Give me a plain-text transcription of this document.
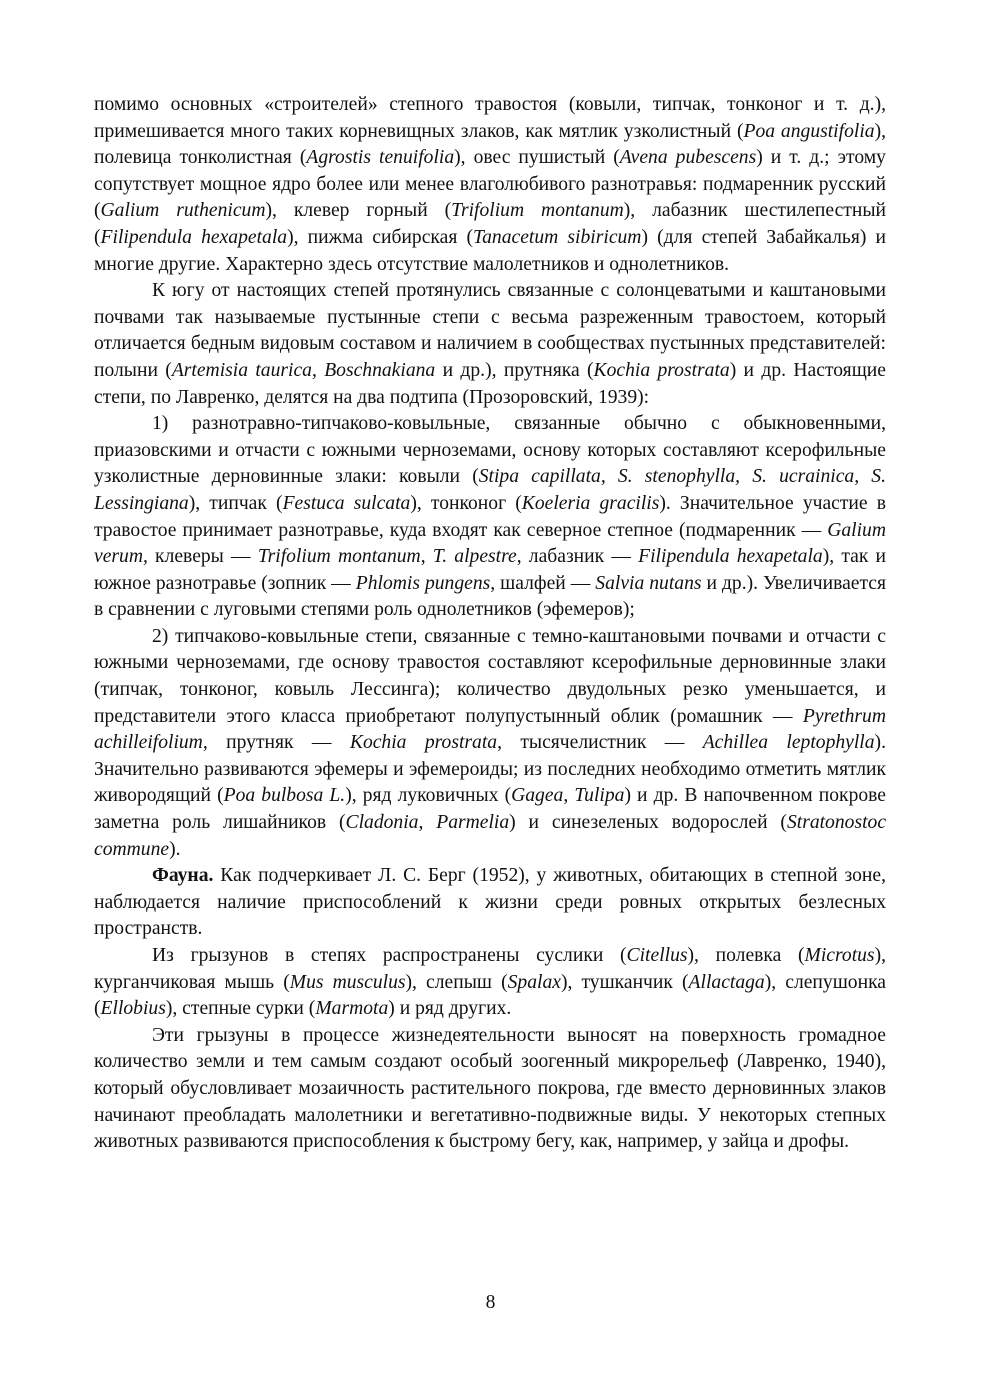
помимо основных «строителей» степного травостоя (ковыли, типчак, тонконог и т. д.), примешивается много таких корневищных злаков, как мятлик узколистный (Poa angustifolia), полевица тонколистная (Agrostis tenuifolia), овес пушистый (Avena pubescens) и т. д.; этому сопутствует мощное ядро более или менее влаголюбивого разнотравья: подмаренник русский (Galium ruthenicum), клевер горный (Trifolium montanum), лабазник шестилепестный (Filipendula hexapetala), пижма сибирская (Tanacetum sibiricum) (для степей Забайкалья) и многие другие. Характерно здесь отсутствие малолетников и однолетников.

К югу от настоящих степей протянулись связанные с солонцеватыми и каштановыми почвами так называемые пустынные степи с весьма разреженным травостоем, который отличается бедным видовым составом и наличием в сообществах пустынных представителей: полыни (Artemisia taurica, Boschnakiana и др.), прутняка (Kochia prostrata) и др. Настоящие степи, по Лавренко, делятся на два подтипа (Прозоровский, 1939):

1) разнотравно-типчаково-ковыльные, связанные обычно с обыкновенными, приазовскими и отчасти с южными черноземами, основу которых составляют ксерофильные узколистные дерновинные злаки: ковыли (Stipa capillata, S. stenophylla, S. ucrainica, S. Lessingiana), типчак (Festuca sulcata), тонконог (Koeleria gracilis). Значительное участие в травостое принимает разнотравье, куда входят как северное степное (подмаренник — Galium verum, клеверы — Trifolium montanum, T. alpestre, лабазник — Filipendula hexapetala), так и южное разнотравье (зопник — Phlomis pungens, шалфей — Salvia nutans и др.). Увеличивается в сравнении с луговыми степями роль однолетников (эфемеров);

2) типчаково-ковыльные степи, связанные с темно-каштановыми почвами и отчасти с южными черноземами, где основу травостоя составляют ксерофильные дерновинные злаки (типчак, тонконог, ковыль Лессинга); количество двудольных резко уменьшается, и представители этого класса приобретают полупустынный облик (ромашник — Pyrethrum achilleifolium, прутняк — Kochia prostrata, тысячелистник — Achillea leptophylla). Значительно развиваются эфемеры и эфемероиды; из последних необходимо отметить мятлик живородящий (Poa bulbosa L.), ряд луковичных (Gagea, Tulipa) и др. В напочвенном покрове заметна роль лишайников (Cladonia, Parmelia) и синезеленых водорослей (Stratonostoc commune).

Фауна. Как подчеркивает Л. С. Берг (1952), у животных, обитающих в степной зоне, наблюдается наличие приспособлений к жизни среди ровных открытых безлесных пространств.

Из грызунов в степях распространены суслики (Citellus), полевка (Microtus), курганчиковая мышь (Mus musculus), слепыш (Spalax), тушканчик (Allactaga), слепушонка (Ellobius), степные сурки (Marmota) и ряд других.

Эти грызуны в процессе жизнедеятельности выносят на поверхность громадное количество земли и тем самым создают особый зоогенный микрорельеф (Лавренко, 1940), который обусловливает мозаичность растительного покрова, где вместо дерновинных злаков начинают преобладать малолетники и вегетативно-подвижные виды. У некоторых степных животных развиваются приспособления к быстрому бегу, как, например, у зайца и дрофы.

8
